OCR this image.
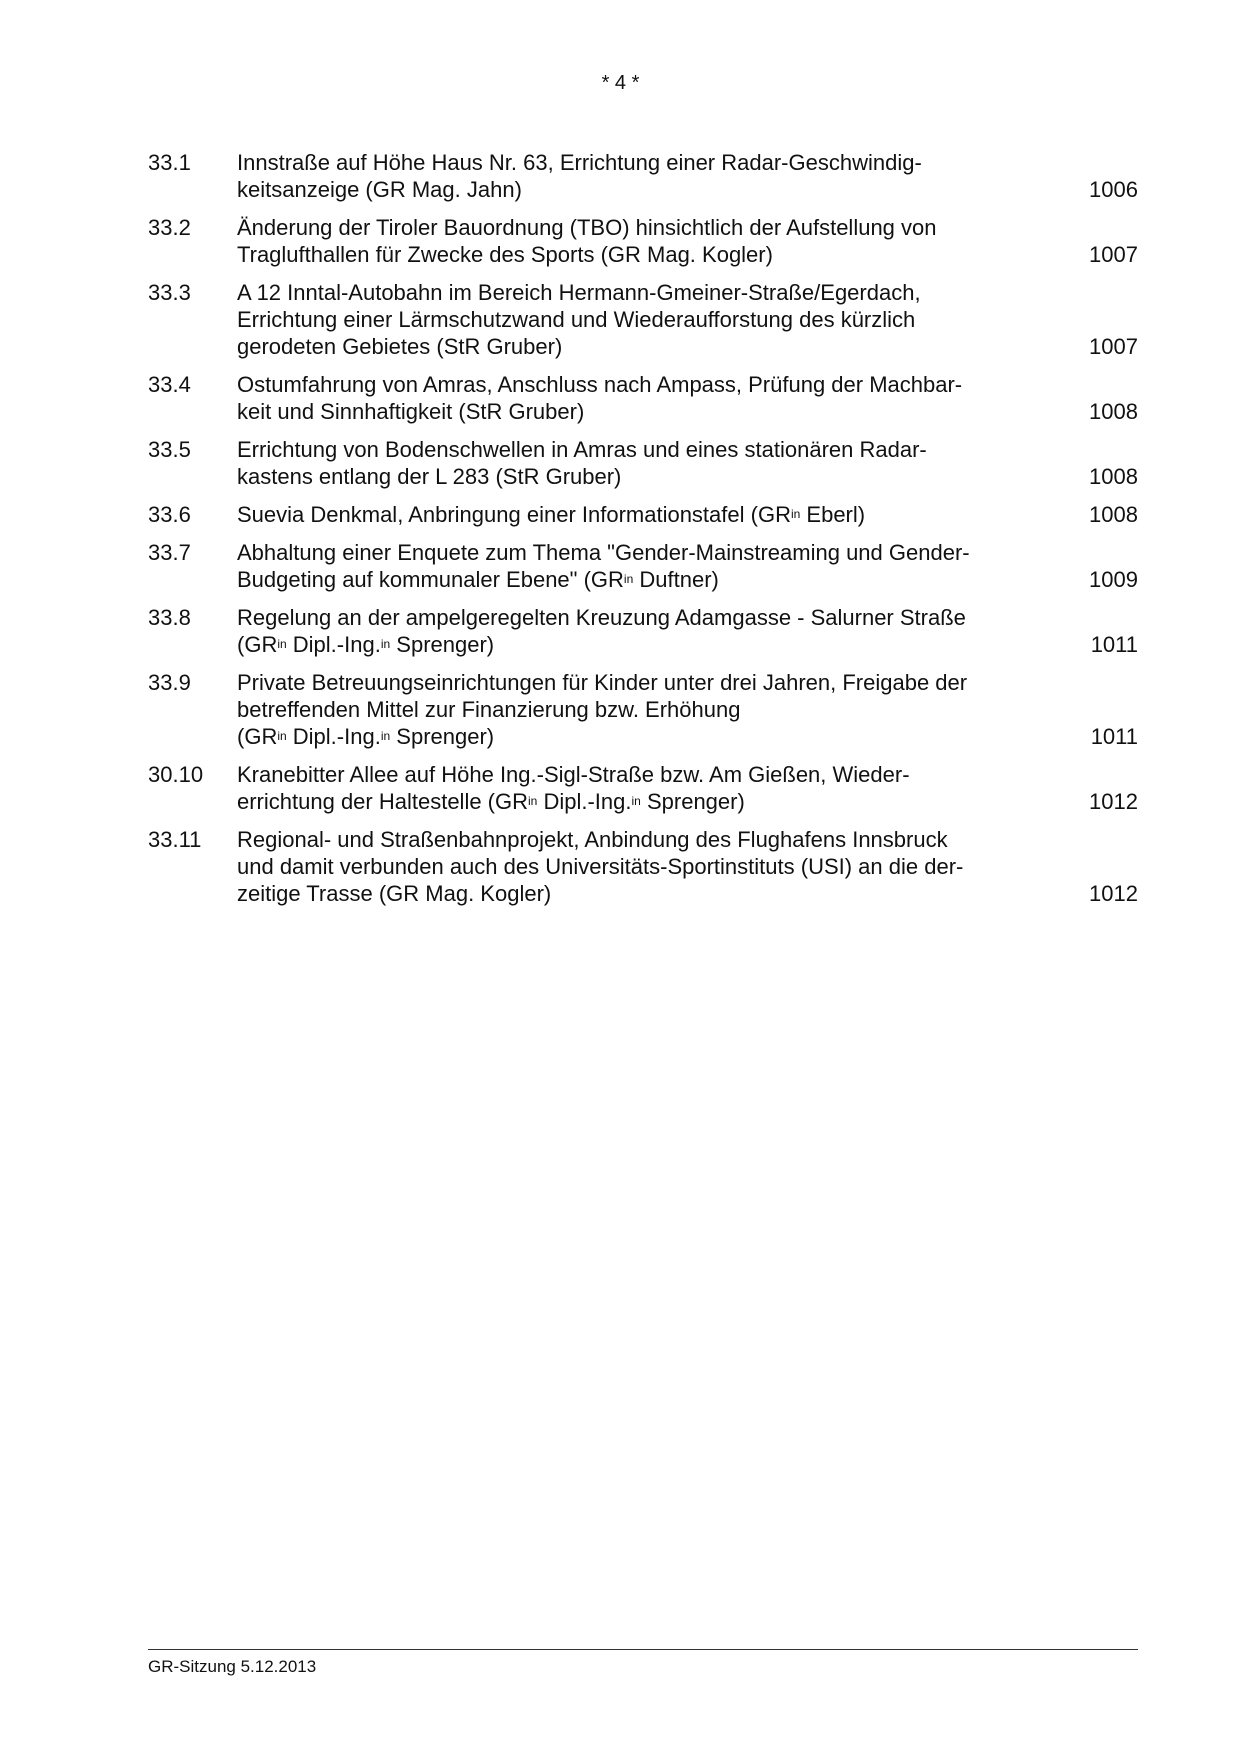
* 4 *
33.1	Innstraße auf Höhe Haus Nr. 63, Errichtung einer Radar-Geschwindig-
keitsanzeige (GR Mag. Jahn)	1006
33.2	Änderung der Tiroler Bauordnung (TBO) hinsichtlich der Aufstellung von
Traglufthallen für Zwecke des Sports (GR Mag. Kogler)	1007
33.3	A 12 Inntal-Autobahn im Bereich Hermann-Gmeiner-Straße/Egerdach,
Errichtung einer Lärmschutzwand und Wiederaufforstung des kürzlich
gerodeten Gebietes (StR Gruber)	1007
33.4	Ostumfahrung von Amras, Anschluss nach Ampass, Prüfung der Machbar-
keit und Sinnhaftigkeit (StR Gruber)	1008
33.5	Errichtung von Bodenschwellen in Amras und eines stationären Radar-
kastens entlang der L 283 (StR Gruber)	1008
33.6	Suevia Denkmal, Anbringung einer Informationstafel ($GR^{in}$ Eberl)	1008
33.7	Abhaltung einer Enquete zum Thema "Gender-Mainstreaming und Gender-
Budgeting auf kommunaler Ebene" ($GR^{in}$ Duftner)	1009
33.8	Regelung an der ampelgeregelten Kreuzung Adamgasse - Salurner Straße
($GR^{in}$ Dipl.-Ing.$^{in}$ Sprenger)	1011
33.9	Private Betreuungseinrichtungen für Kinder unter drei Jahren, Freigabe der
betreffenden Mittel zur Finanzierung bzw. Erhöhung
($GR^{in}$ Dipl.-Ing.$^{in}$ Sprenger)	1011
30.10	Kranebitter Allee auf Höhe Ing.-Sigl-Straße bzw. Am Gießen, Wieder-
errichtung der Haltestelle ($GR^{in}$ Dipl.-Ing.$^{in}$ Sprenger)	1012
33.11	Regional- und Straßenbahnprojekt, Anbindung des Flughafens Innsbruck
und damit verbunden auch des Universitäts-Sportinstituts (USI) an die der-
zeitige Trasse (GR Mag. Kogler)	1012
GR-Sitzung 5.12.2013
